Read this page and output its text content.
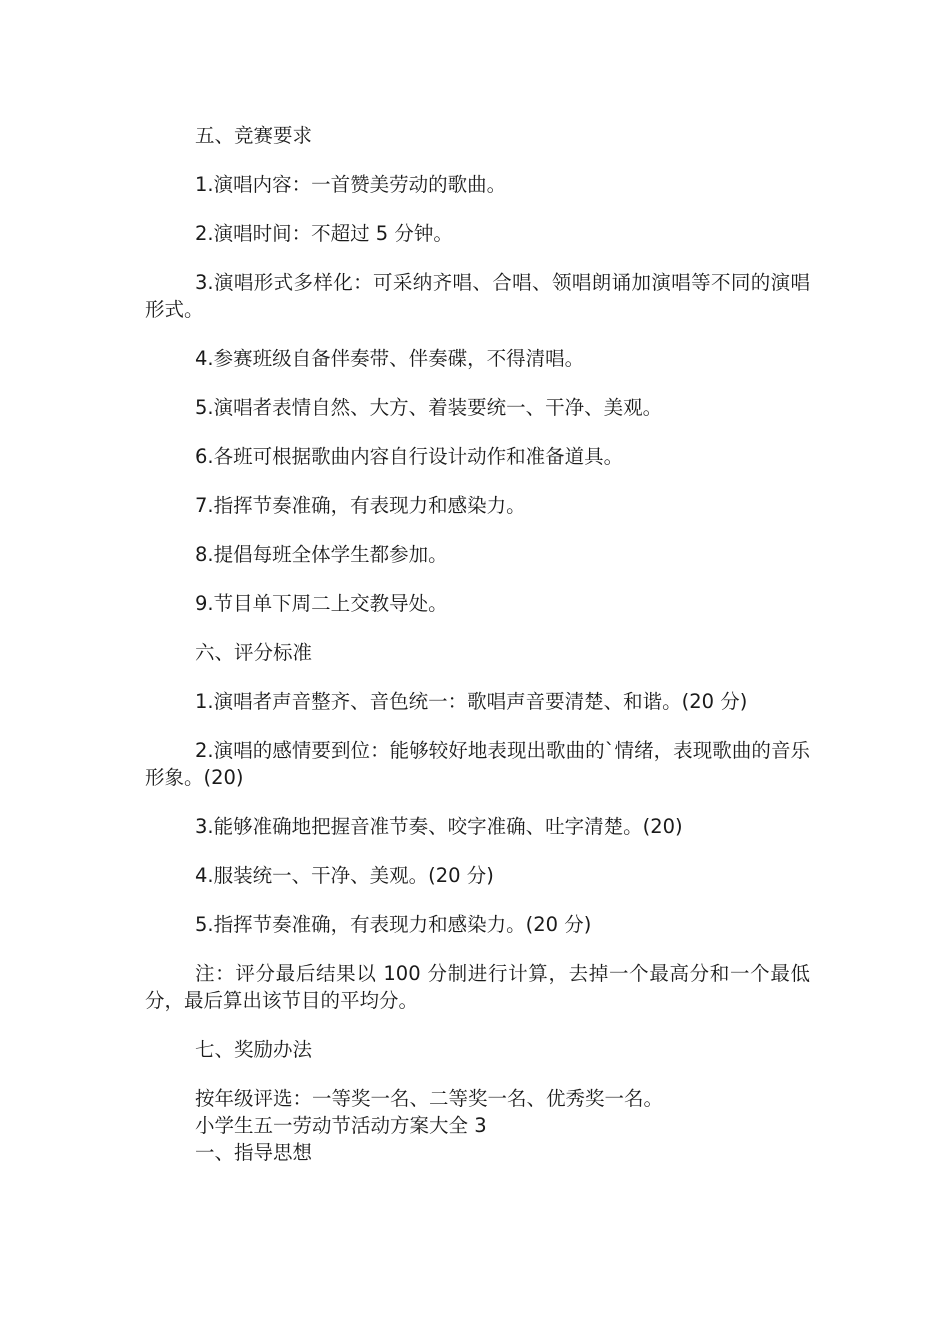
五、竞赛要求

1.演唱内容：一首赞美劳动的歌曲。

2.演唱时间：不超过 5 分钟。

3.演唱形式多样化：可采纳齐唱、合唱、领唱朗诵加演唱等不同的演唱形式。

4.参赛班级自备伴奏带、伴奏碟，不得清唱。

5.演唱者表情自然、大方、着装要统一、干净、美观。

6.各班可根据歌曲内容自行设计动作和准备道具。

7.指挥节奏准确，有表现力和感染力。

8.提倡每班全体学生都参加。

9.节目单下周二上交教导处。

六、评分标准

1.演唱者声音整齐、音色统一：歌唱声音要清楚、和谐。(20 分)

2.演唱的感情要到位：能够较好地表现出歌曲的`情绪，表现歌曲的音乐形象。(20)

3.能够准确地把握音准节奏、咬字准确、吐字清楚。(20)

4.服装统一、干净、美观。(20 分)

5.指挥节奏准确，有表现力和感染力。(20 分)

注：评分最后结果以 100 分制进行计算，去掉一个最高分和一个最低分，最后算出该节目的平均分。

七、奖励办法

按年级评选：一等奖一名、二等奖一名、优秀奖一名。

小学生五一劳动节活动方案大全 3

一、指导思想
